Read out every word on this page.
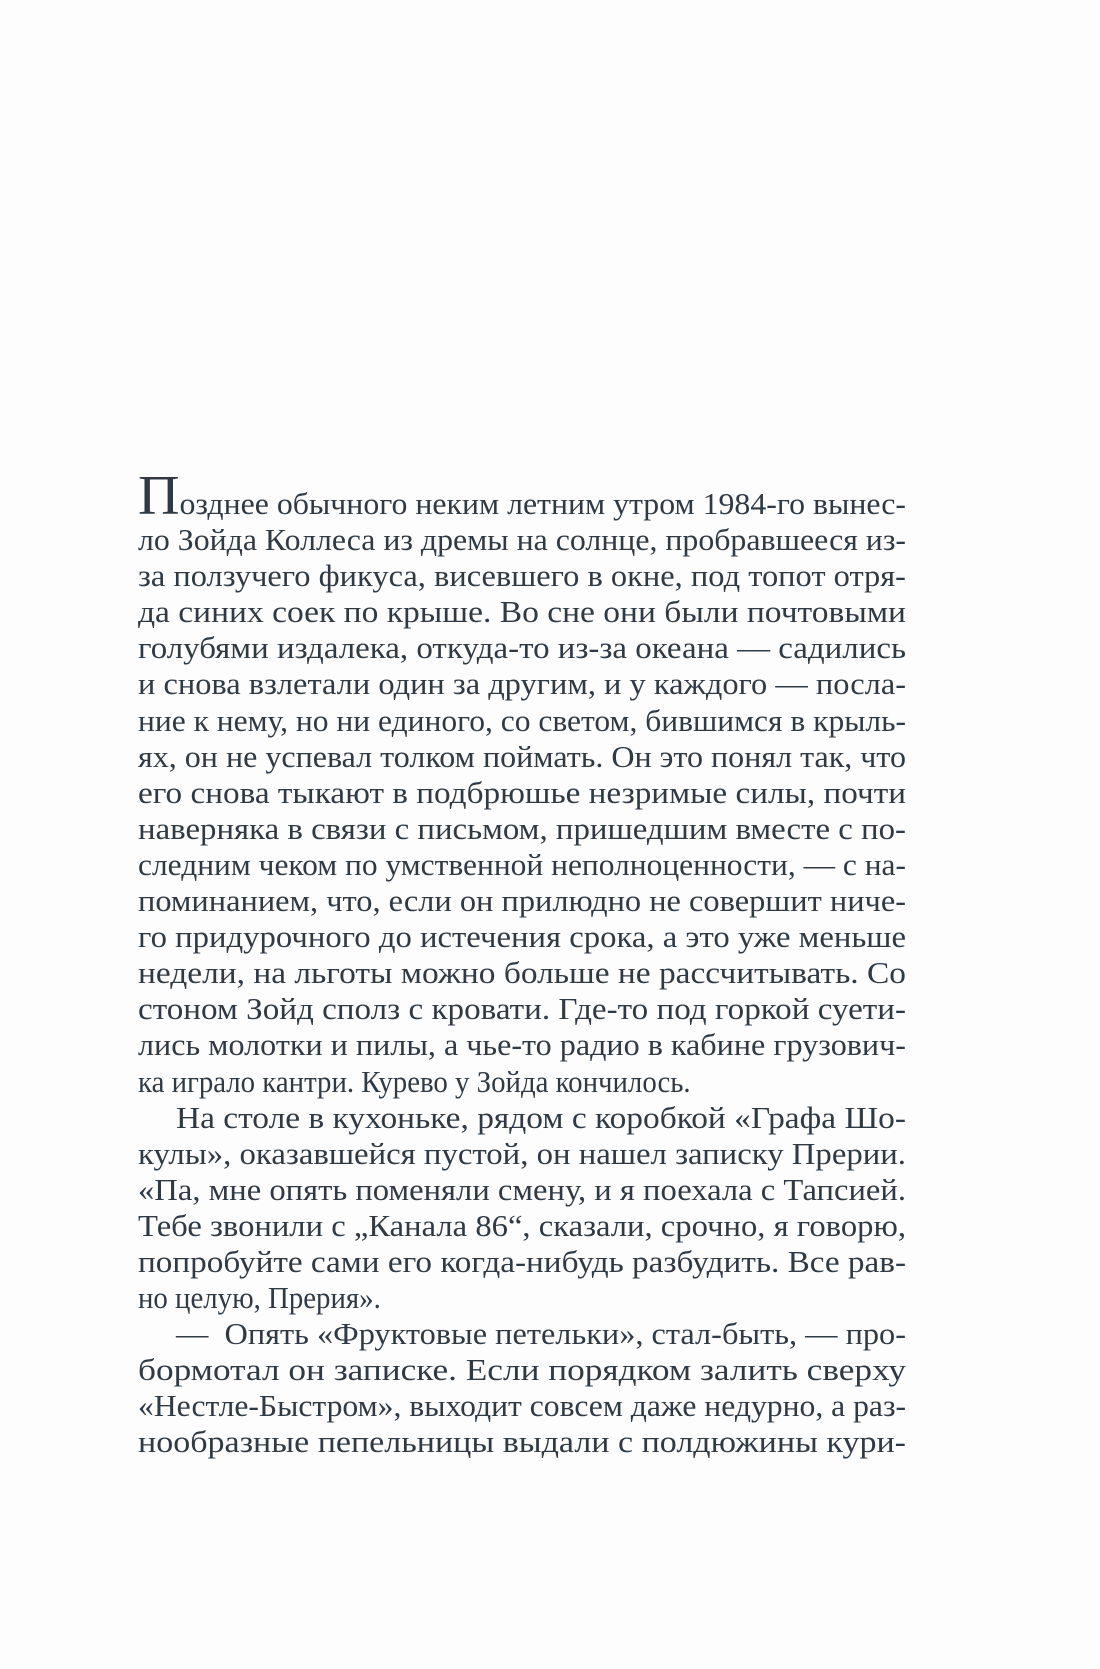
Позднее обычного неким летним утром 1984-го вынес-
ло Зойда Коллеса из дремы на солнце, пробравшееся из-
за ползучего фикуса, висевшего в окне, под топот отря-
да синих соек по крыше. Во сне они были почтовыми
голубями издалека, откуда-то из-за океана — садились
и снова взлетали один за другим, и у каждого — посла-
ние к нему, но ни единого, со светом, бившимся в крыль-
ях, он не успевал толком поймать. Он это понял так, что
его снова тыкают в подбрюшье незримые силы, почти
наверняка в связи с письмом, пришедшим вместе с по-
следним чеком по умственной неполноценности, — с на-
поминанием, что, если он прилюдно не совершит ниче-
го придурочного до истечения срока, а это уже меньше
недели, на льготы можно больше не рассчитывать. Со
стоном Зойд сполз с кровати. Где-то под горкой суети-
лись молотки и пилы, а чье-то радио в кабине грузович-
ка играло кантри. Курево у Зойда кончилось.
На столе в кухоньке, рядом с коробкой «Графа Шо-
кулы», оказавшейся пустой, он нашел записку Прерии.
«Па, мне опять поменяли смену, и я поехала с Тапсией.
Тебе звонили с „Канала 86“, сказали, срочно, я говорю,
попробуйте сами его когда-нибудь разбудить. Все рав-
но целую, Прерия».
— Опять «Фруктовые петельки», стал-быть, — про-
бормотал он записке. Если порядком залить сверху
«Нестле-Быстром», выходит совсем даже недурно, а раз-
нообразные пепельницы выдали с полдюжины кури-
